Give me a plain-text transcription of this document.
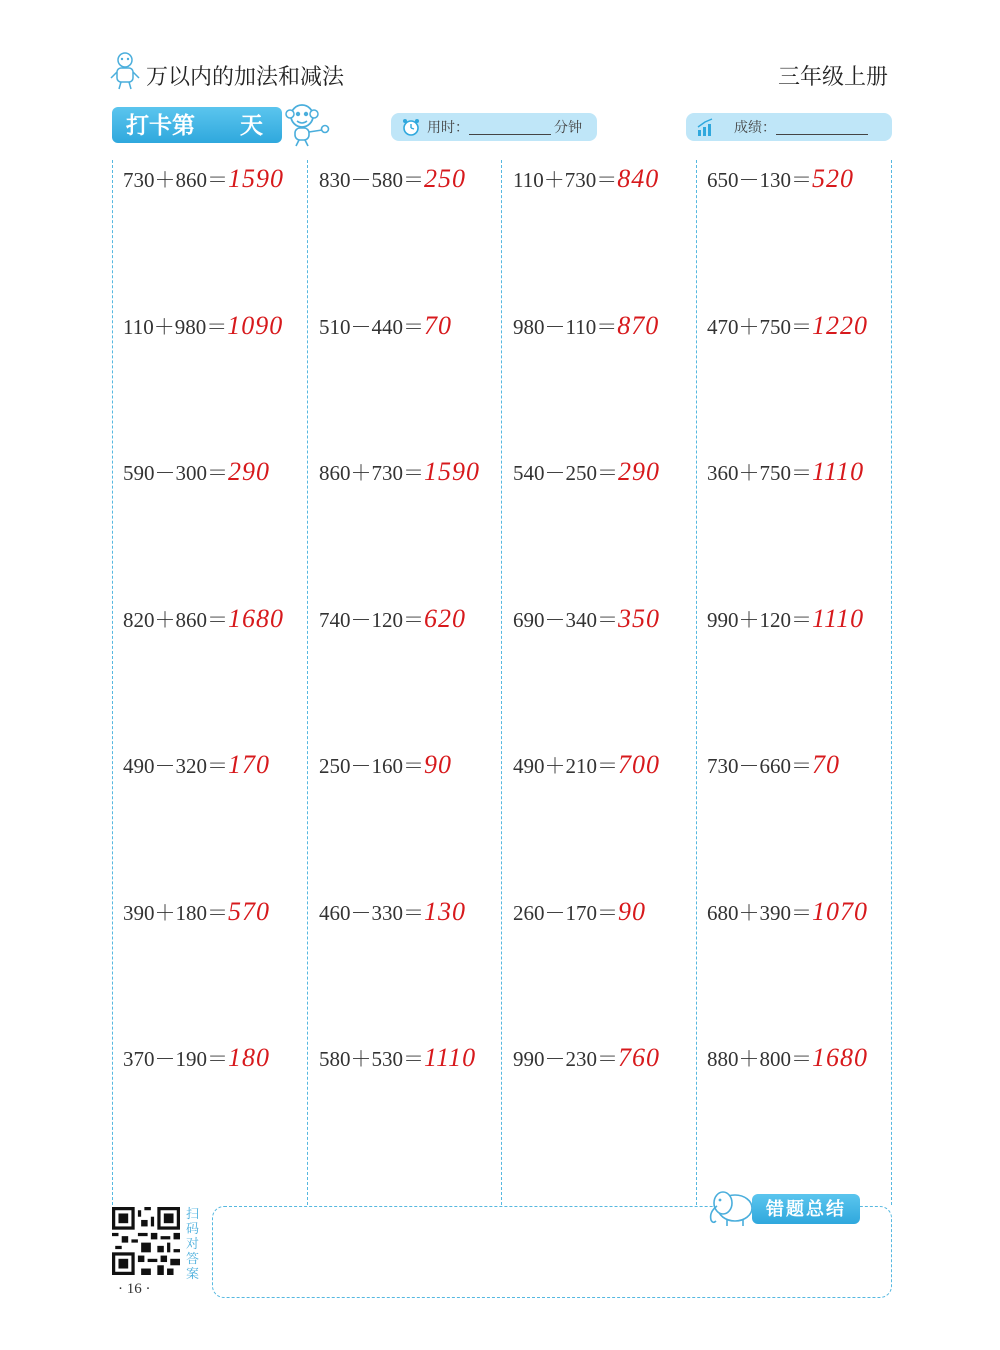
万以内的加法和减法	三年级上册
打卡第 天	用时：	分钟	成绩：
730＋860＝1590
110＋980＝1090
590－300＝290
820＋860＝1680
490－320＝170
390＋180＝570
370－190＝180
830－580＝250
510－440＝70
860＋730＝1590
740－120＝620
250－160＝90
460－330＝130
580＋530＝1110
110＋730＝840
980－110＝870
540－250＝290
690－340＝350
490＋210＝700
260－170＝90
990－230＝760
650－130＝520
470＋750＝1220
360＋750＝1110
990＋120＝1110
730－660＝70
680＋390＝1070
880＋800＝1680
扫码对答案
· 16 ·
错题总结
